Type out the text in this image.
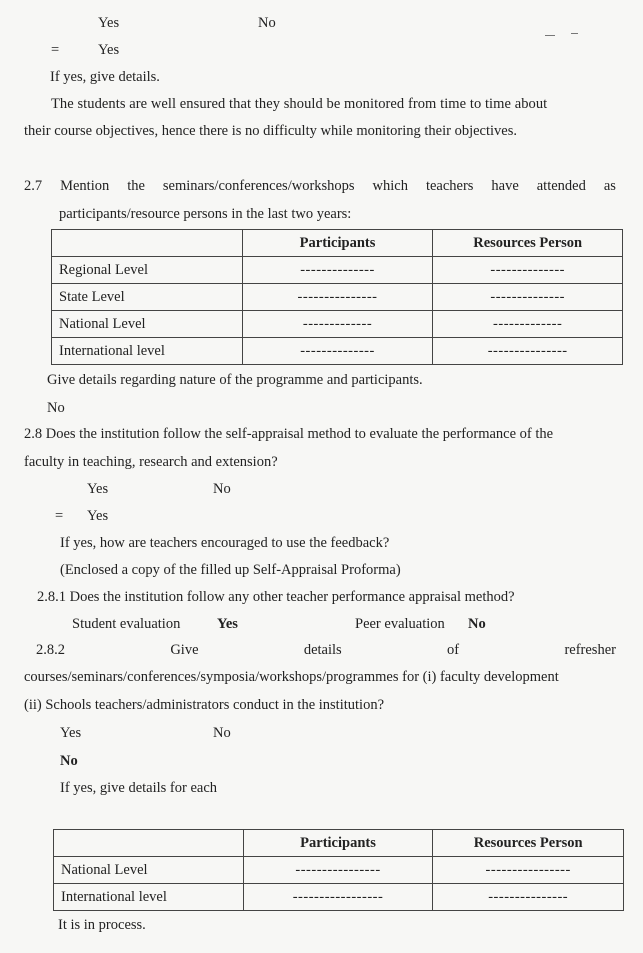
Yes	No
=	Yes
If yes, give details.
The students are well ensured that they should be monitored from time to time about
their course objectives, hence there is no difficulty while monitoring their objectives.
2.7 Mention the seminars/conferences/workshops which teachers have attended as
participants/resource persons in the last two years:
	Participants	Resources Person
Regional Level	--------------	--------------
State Level	---------------	--------------
National Level	-------------	-------------
International level	--------------	---------------
Give details regarding nature of the programme and participants.
No
2.8 Does the institution follow the self-appraisal method to evaluate the performance of the
faculty in teaching, research and extension?
Yes	No
= Yes
If yes, how are teachers encouraged to use the feedback?
(Enclosed a copy of the filled up Self-Appraisal Proforma)
2.8.1 Does the institution follow any other teacher performance appraisal method?
Student evaluation	Yes	Peer evaluation No
2.8.2	Give	details	of	refresher
courses/seminars/conferences/symposia/workshops/programmes for (i) faculty development
(ii) Schools teachers/administrators conduct in the institution?
Yes	No
No
If yes, give details for each
	Participants	Resources Person
National Level	----------------	----------------
International level	-----------------	---------------
It is in process.
